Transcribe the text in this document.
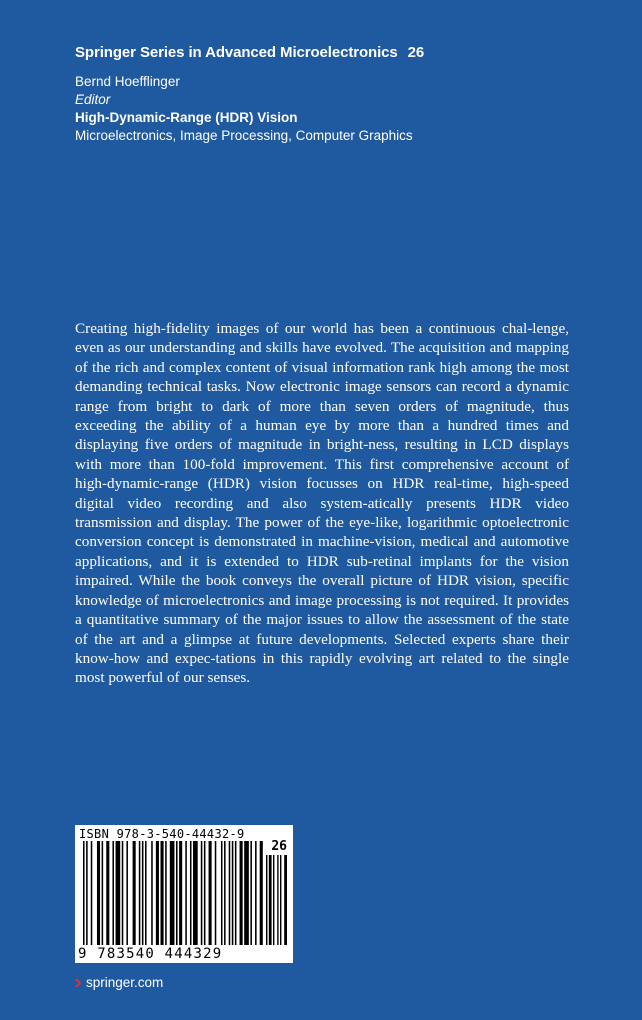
Springer Series in Advanced Microelectronics 26
Bernd Hoefflinger
Editor
High-Dynamic-Range (HDR) Vision
Microelectronics, Image Processing, Computer Graphics
Creating high-fidelity images of our world has been a continuous chal-lenge, even as our understanding and skills have evolved. The acquisition and mapping of the rich and complex content of visual information rank high among the most demanding technical tasks. Now electronic image sensors can record a dynamic range from bright to dark of more than seven orders of magnitude, thus exceeding the ability of a human eye by more than a hundred times and displaying five orders of magnitude in bright-ness, resulting in LCD displays with more than 100-fold improvement. This first comprehensive account of high-dynamic-range (HDR) vision focusses on HDR real-time, high-speed digital video recording and also system-atically presents HDR video transmission and display. The power of the eye-like, logarithmic optoelectronic conversion concept is demonstrated in machine-vision, medical and automotive applications, and it is extended to HDR sub-retinal implants for the vision impaired. While the book conveys the overall picture of HDR vision, specific knowledge of microelectronics and image processing is not required. It provides a quantitative summary of the major issues to allow the assessment of the state of the art and a glimpse at future developments. Selected experts share their know-how and expec-tations in this rapidly evolving art related to the single most powerful of our senses.
ISBN 978-3-540-44432-9
26
9 783540 444329
springer.com
